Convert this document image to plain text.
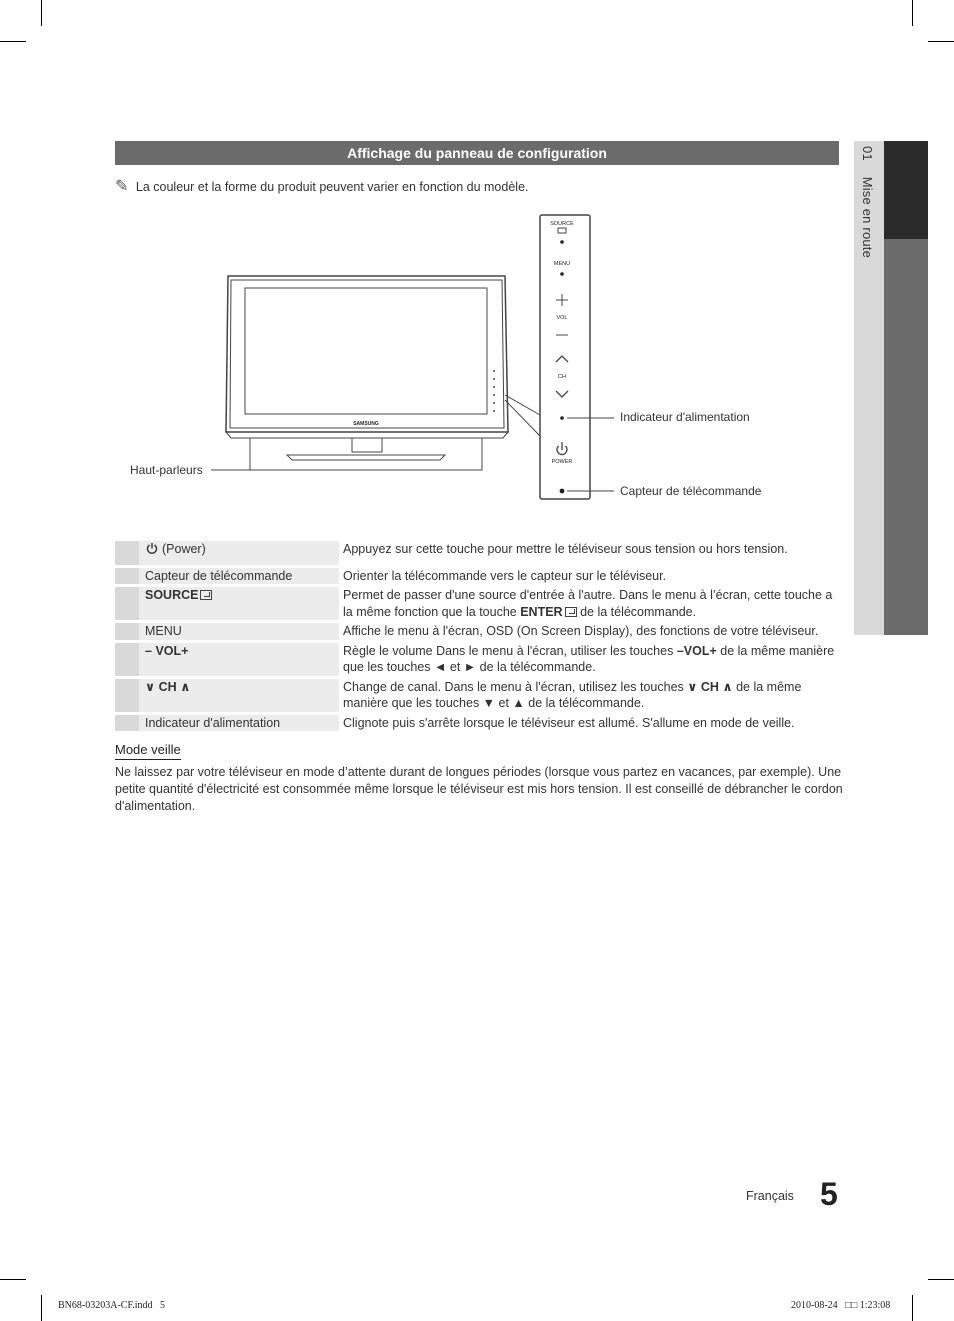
01 Mise en route
Affichage du panneau de configuration
✎ La couleur et la forme du produit peuvent varier en fonction du modèle.
SOURCE
MENU
VOL
CH
POWER
SAMSUNG
Haut-parleurs
Indicateur d'alimentation
Capteur de télécommande
	(Power)	Appuyez sur cette touche pour mettre le téléviseur sous tension ou hors tension.
	Capteur de télécommande	Orienter la télécommande vers le capteur sur le téléviseur.
	SOURCE	Permet de passer d'une source d'entrée à l'autre. Dans le menu à l’écran, cette touche a la même fonction que la touche ENTER de la télécommande.
	MENU	Affiche le menu à l'écran, OSD (On Screen Display), des fonctions de votre téléviseur.
	– VOL+	Règle le volume Dans le menu à l'écran, utiliser les touches –VOL+ de la même manière que les touches ◄ et ► de la télécommande.
	∨ CH ∧	Change de canal. Dans le menu à l'écran, utilisez les touches ∨ CH ∧ de la même manière que les touches ▼ et ▲ de la télécommande.
	Indicateur d'alimentation	Clignote puis s'arrête lorsque le téléviseur est allumé. S'allume en mode de veille.
Mode veille
Ne laissez par votre téléviseur en mode d’attente durant de longues périodes (lorsque vous partez en vacances, par exemple). Une petite quantité d'électricité est consommée même lorsque le téléviseur est mis hors tension. Il est conseillé de débrancher le cordon d'alimentation.
Français 5
BN68-03203A-CF.indd   5	2010-08-24   □□ 1:23:08
